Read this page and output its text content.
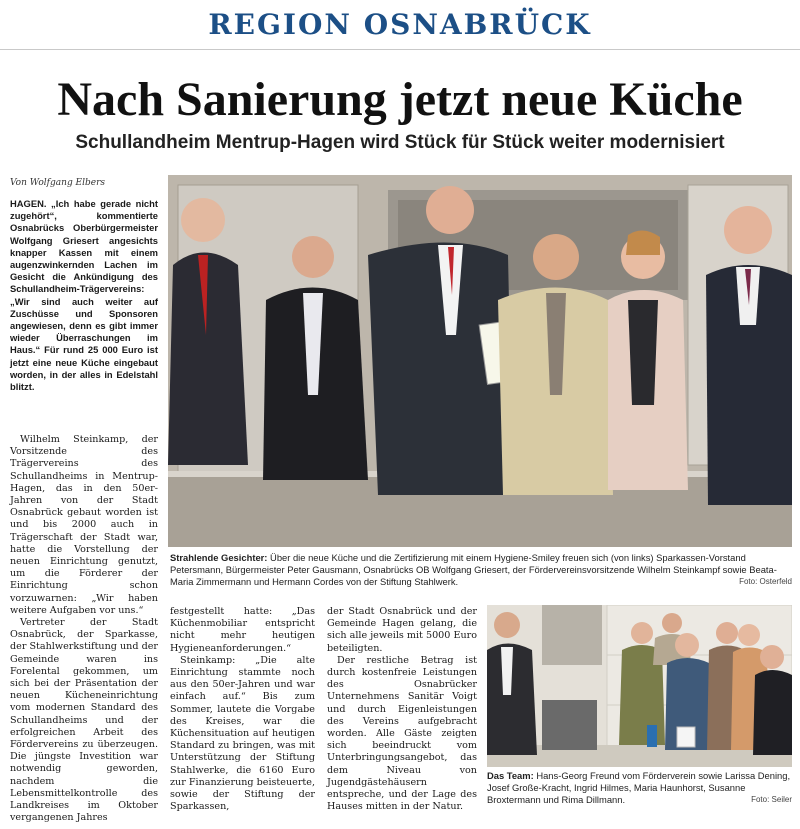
REGION OSNABRÜCK
Nach Sanierung jetzt neue Küche
Schullandheim Mentrup-Hagen wird Stück für Stück weiter modernisiert
Von Wolfgang Elbers
HAGEN. „Ich habe gerade nicht zugehört“, kommentierte Osnabrücks Oberbürgermeister Wolfgang Griesert angesichts knapper Kassen mit einem augenzwinkernden Lachen im Gesicht die Ankündigung des Schullandheim-Trägervereins: „Wir sind auch weiter auf Zuschüsse und Sponsoren angewiesen, denn es gibt immer wieder Überraschungen im Haus.“ Für rund 25 000 Euro ist jetzt eine neue Küche eingebaut worden, in der alles in Edelstahl blitzt.

Wilhelm Steinkamp, der Vorsitzende des Trägervereins des Schullandheims in Mentrup-Hagen, das in den 50er-Jahren von der Stadt Osnabrück gebaut worden ist und bis 2000 auch in Trägerschaft der Stadt war, hatte die Vorstellung der neuen Einrichtung genutzt, um die Förderer der Einrichtung schon vorzuwarnen: „Wir haben weitere Aufgaben vor uns.“

Vertreter der Stadt Osnabrück, der Sparkasse, der Stahlwerkstiftung und der Gemeinde waren ins Forelental gekommen, um sich bei der Präsentation der neuen Kücheneinrichtung vom modernen Standard des Schullandheims und der erfolgreichen Arbeit des Fördervereins zu überzeugen. Die jüngste Investition war notwendig geworden, nachdem die Lebensmittelkontrolle des Landkreises im Oktober vergangenen Jahres

festgestellt hatte: „Das Küchenmobiliar entspricht nicht mehr heutigen Hygieneanforderungen.“

Steinkamp: „Die alte Einrichtung stammte noch aus den 50er-Jahren und war einfach auf.“ Bis zum Sommer, lautete die Vorgabe des Kreises, war die Küchensituation auf heutigen Standard zu bringen, was mit Unterstützung der Stiftung Stahlwerke, die 6160 Euro zur Finanzierung beisteuerte, sowie der Stiftung der Sparkassen,

der Stadt Osnabrück und der Gemeinde Hagen gelang, die sich alle jeweils mit 5000 Euro beteiligten.

Der restliche Betrag ist durch kostenfreie Leistungen des Osnabrücker Unternehmens Sanitär Voigt und durch Eigenleistungen des Vereins aufgebracht worden. Alle Gäste zeigten sich beeindruckt vom Unterbringungsangebot, das dem Niveau von Jugendgästehäusern entspreche, und der Lage des Hauses mitten in der Natur.

Strahlende Gesichter: Über die neue Küche und die Zertifizierung mit einem Hygiene-Smiley freuen sich (von links) Sparkassen-Vorstand Petersmann, Bürgermeister Peter Gausmann, Osnabrücks OB Wolfgang Griesert, der Fördervereinsvorsitzende Wilhelm Steinkampf sowie Beata-Maria Zimmermann und Hermann Cordes von der Stiftung Stahlwerk.	Foto: Osterfeld
Das Team: Hans-Georg Freund vom Förderverein sowie Larissa Dening, Josef Große-Kracht, Ingrid Hilmes, Maria Haunhorst, Susanne Broxtermann und Rima Dillmann.	Foto: Seiler
